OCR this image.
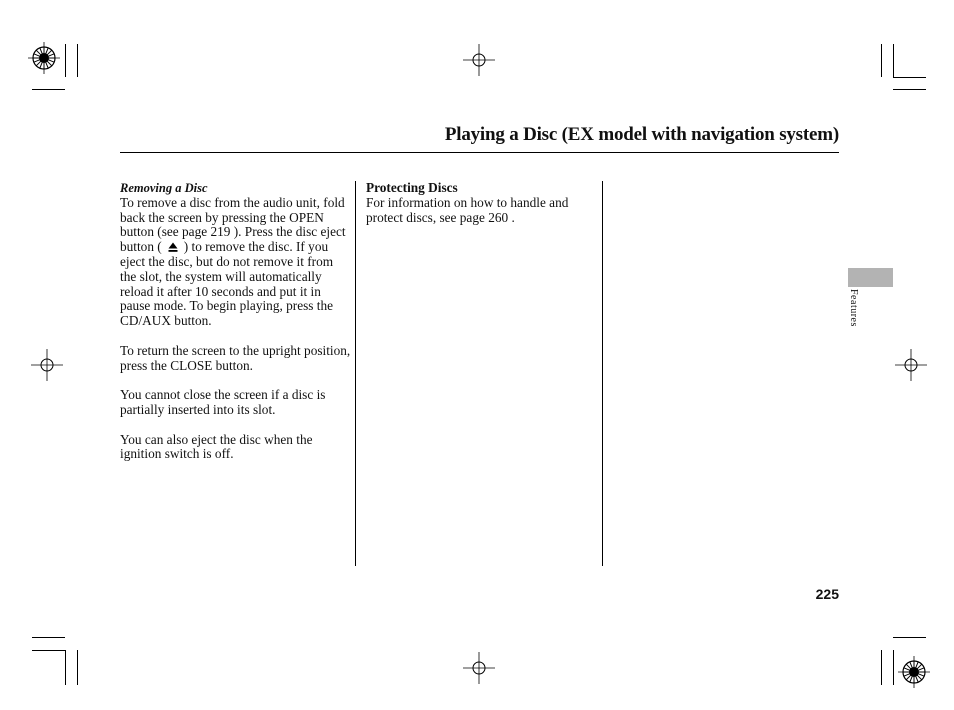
Playing a Disc (EX model with navigation system)
Removing a Disc

To remove a disc from the audio unit, fold back the screen by pressing the OPEN button (see page 219 ). Press the disc eject button ( ) to remove the disc. If you eject the disc, but do not remove it from the slot, the system will automatically reload it after 10 seconds and put it in pause mode. To begin playing, press the CD/AUX button.

To return the screen to the upright position, press the CLOSE button.

You cannot close the screen if a disc is partially inserted into its slot.

You can also eject the disc when the ignition switch is off.

Protecting Discs

For information on how to handle and protect discs, see page 260 .

Features
225
